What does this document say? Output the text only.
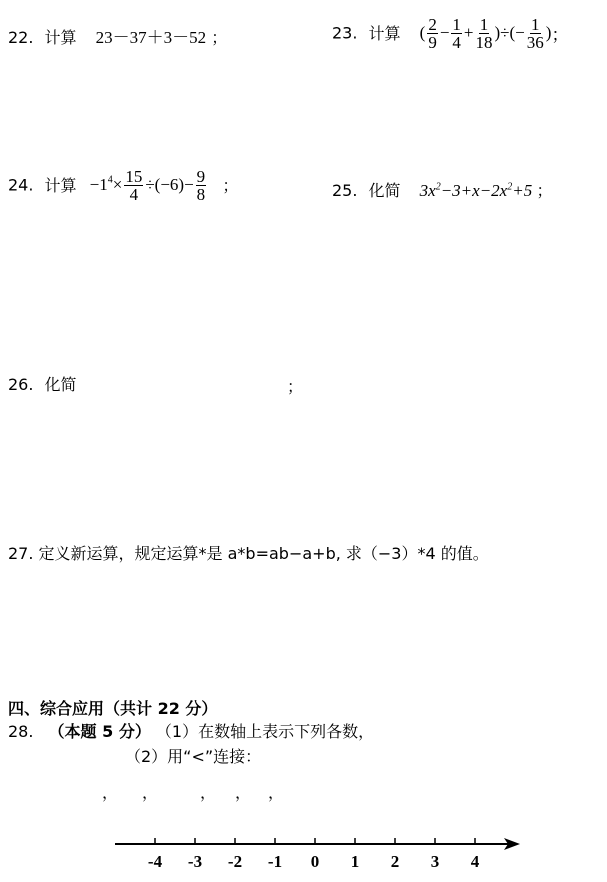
22. 计算 23－37＋3－52 ；	23. 计算 ( $\frac{2}{9} - \frac{1}{4} + \frac{1}{18}$ )÷(− $\frac{1}{36}$ )；
24. 计算 $-1^4\times \frac{15}{4} \div(-6)- \frac{9}{8}$ ；	25. 化简 $3x^2-3+x-2x^2+5$ ；
26. 化简	；
27. 定义新运算，规定运算*是 a*b=ab−a+b, 求（−3）*4 的值。
四、综合应用（共计 22 分）
28. （本题 5 分） （1）在数轴上表示下列各数，
（2）用“<”连接：
， ，	， ， ，
-4 -3 -2 -1 0 1 2 3 4
